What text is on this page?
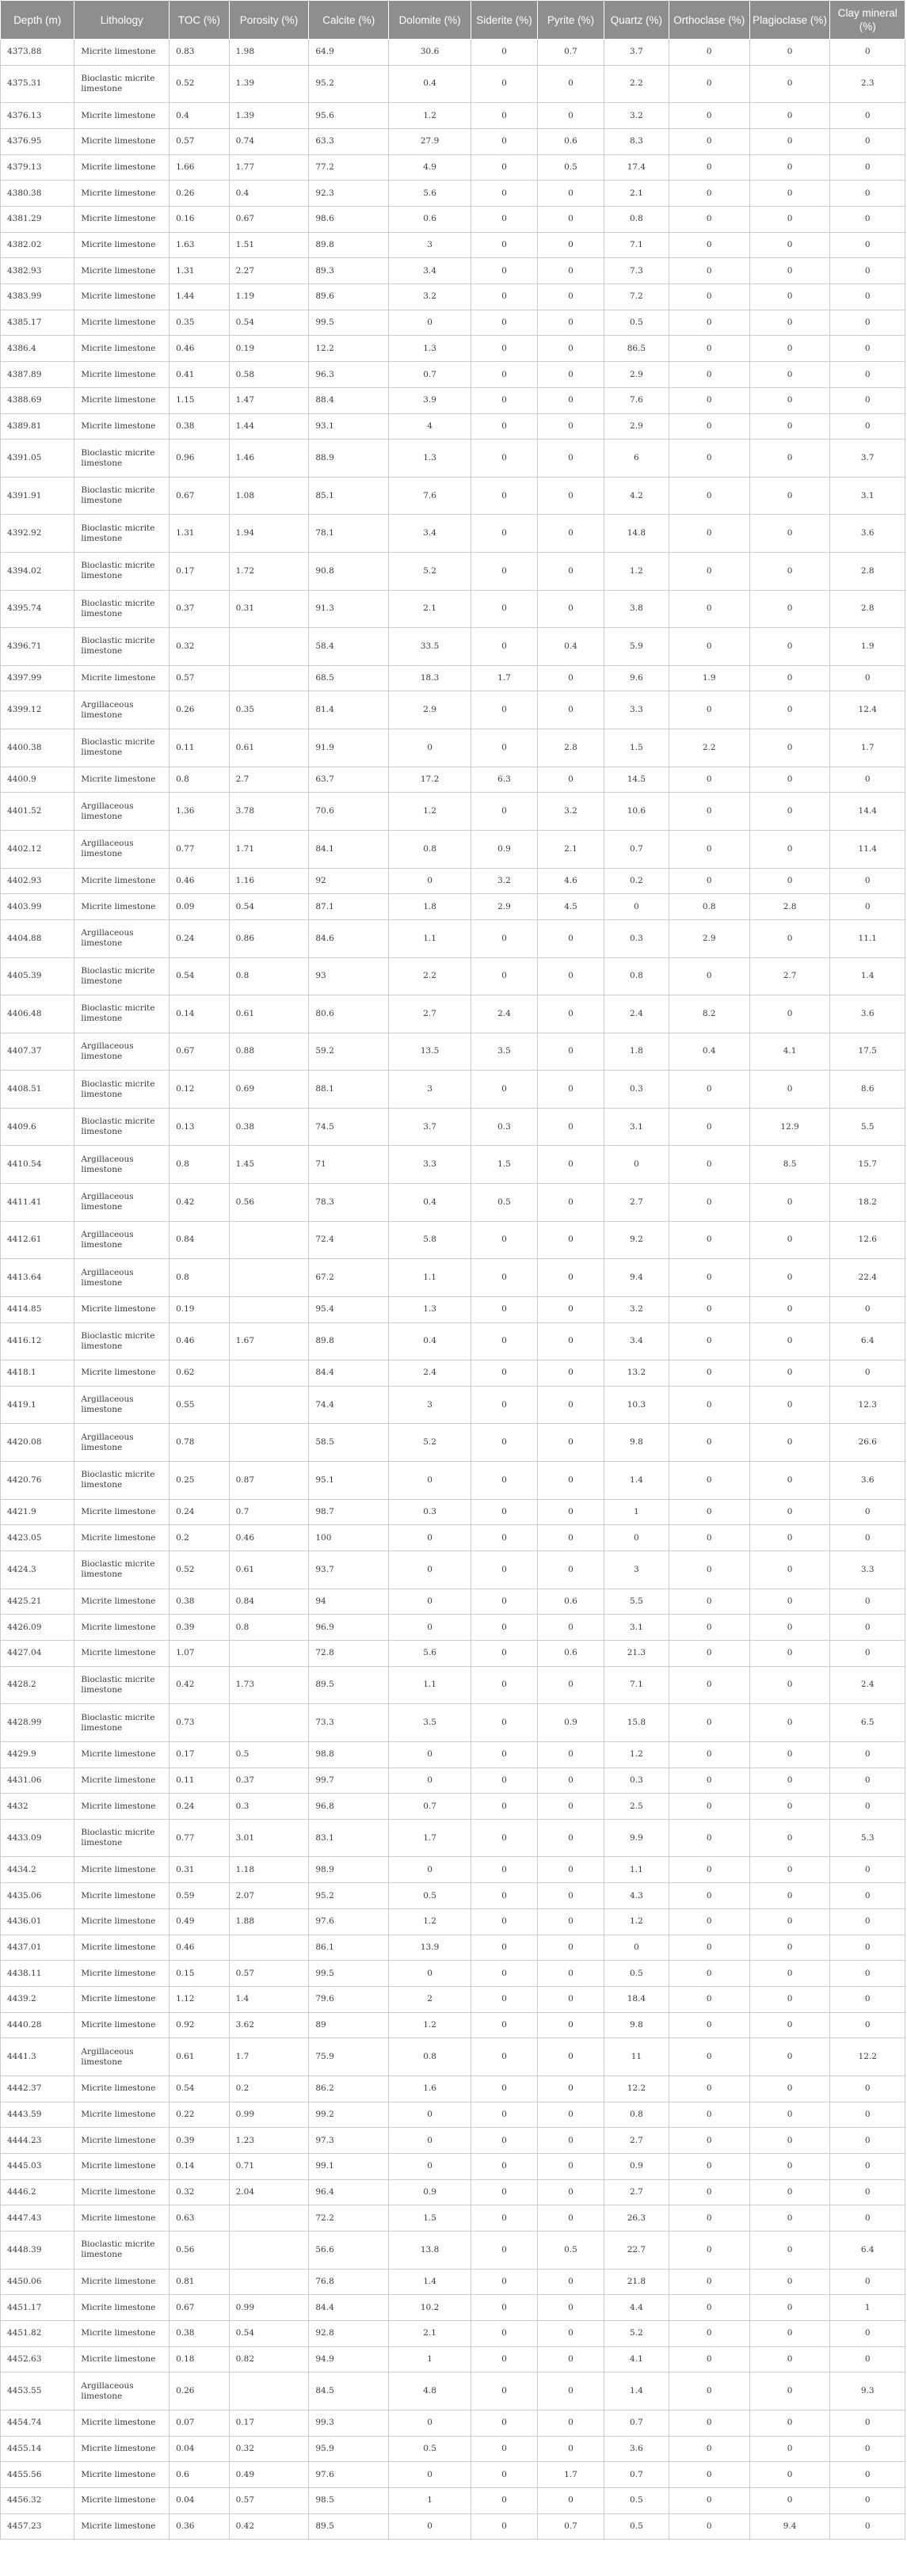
Depth (m)	Lithology	TOC (%)	Porosity (%)	Calcite (%)	Dolomite (%)	Siderite (%)	Pyrite (%)	Quartz (%)	Orthoclase (%)	Plagioclase (%)	Clay mineral (%)
4373.88	Micrite limestone	0.83	1.98	64.9	30.6	0	0.7	3.7	0	0	0
4375.31	Bioclastic micrite limestone	0.52	1.39	95.2	0.4	0	0	2.2	0	0	2.3
4376.13	Micrite limestone	0.4	1.39	95.6	1.2	0	0	3.2	0	0	0
4376.95	Micrite limestone	0.57	0.74	63.3	27.9	0	0.6	8.3	0	0	0
4379.13	Micrite limestone	1.66	1.77	77.2	4.9	0	0.5	17.4	0	0	0
4380.38	Micrite limestone	0.26	0.4	92.3	5.6	0	0	2.1	0	0	0
4381.29	Micrite limestone	0.16	0.67	98.6	0.6	0	0	0.8	0	0	0
4382.02	Micrite limestone	1.63	1.51	89.8	3	0	0	7.1	0	0	0
4382.93	Micrite limestone	1.31	2.27	89.3	3.4	0	0	7.3	0	0	0
4383.99	Micrite limestone	1.44	1.19	89.6	3.2	0	0	7.2	0	0	0
4385.17	Micrite limestone	0.35	0.54	99.5	0	0	0	0.5	0	0	0
4386.4	Micrite limestone	0.46	0.19	12.2	1.3	0	0	86.5	0	0	0
4387.89	Micrite limestone	0.41	0.58	96.3	0.7	0	0	2.9	0	0	0
4388.69	Micrite limestone	1.15	1.47	88.4	3.9	0	0	7.6	0	0	0
4389.81	Micrite limestone	0.38	1.44	93.1	4	0	0	2.9	0	0	0
4391.05	Bioclastic micrite limestone	0.96	1.46	88.9	1.3	0	0	6	0	0	3.7
4391.91	Bioclastic micrite limestone	0.67	1.08	85.1	7.6	0	0	4.2	0	0	3.1
4392.92	Bioclastic micrite limestone	1.31	1.94	78.1	3.4	0	0	14.8	0	0	3.6
4394.02	Bioclastic micrite limestone	0.17	1.72	90.8	5.2	0	0	1.2	0	0	2.8
4395.74	Bioclastic micrite limestone	0.37	0.31	91.3	2.1	0	0	3.8	0	0	2.8
4396.71	Bioclastic micrite limestone	0.32		58.4	33.5	0	0.4	5.9	0	0	1.9
4397.99	Micrite limestone	0.57		68.5	18.3	1.7	0	9.6	1.9	0	0
4399.12	Argillaceous limestone	0.26	0.35	81.4	2.9	0	0	3.3	0	0	12.4
4400.38	Bioclastic micrite limestone	0.11	0.61	91.9	0	0	2.8	1.5	2.2	0	1.7
4400.9	Micrite limestone	0.8	2.7	63.7	17.2	6.3	0	14.5	0	0	0
4401.52	Argillaceous limestone	1.36	3.78	70.6	1.2	0	3.2	10.6	0	0	14.4
4402.12	Argillaceous limestone	0.77	1.71	84.1	0.8	0.9	2.1	0.7	0	0	11.4
4402.93	Micrite limestone	0.46	1.16	92	0	3.2	4.6	0.2	0	0	0
4403.99	Micrite limestone	0.09	0.54	87.1	1.8	2.9	4.5	0	0.8	2.8	0
4404.88	Argillaceous limestone	0.24	0.86	84.6	1.1	0	0	0.3	2.9	0	11.1
4405.39	Bioclastic micrite limestone	0.54	0.8	93	2.2	0	0	0.8	0	2.7	1.4
4406.48	Bioclastic micrite limestone	0.14	0.61	80.6	2.7	2.4	0	2.4	8.2	0	3.6
4407.37	Argillaceous limestone	0.67	0.88	59.2	13.5	3.5	0	1.8	0.4	4.1	17.5
4408.51	Bioclastic micrite limestone	0.12	0.69	88.1	3	0	0	0.3	0	0	8.6
4409.6	Bioclastic micrite limestone	0.13	0.38	74.5	3.7	0.3	0	3.1	0	12.9	5.5
4410.54	Argillaceous limestone	0.8	1.45	71	3.3	1.5	0	0	0	8.5	15.7
4411.41	Argillaceous limestone	0.42	0.56	78.3	0.4	0.5	0	2.7	0	0	18.2
4412.61	Argillaceous limestone	0.84		72.4	5.8	0	0	9.2	0	0	12.6
4413.64	Argillaceous limestone	0.8		67.2	1.1	0	0	9.4	0	0	22.4
4414.85	Micrite limestone	0.19		95.4	1.3	0	0	3.2	0	0	0
4416.12	Bioclastic micrite limestone	0.46	1.67	89.8	0.4	0	0	3.4	0	0	6.4
4418.1	Micrite limestone	0.62		84.4	2.4	0	0	13.2	0	0	0
4419.1	Argillaceous limestone	0.55		74.4	3	0	0	10.3	0	0	12.3
4420.08	Argillaceous limestone	0.78		58.5	5.2	0	0	9.8	0	0	26.6
4420.76	Bioclastic micrite limestone	0.25	0.87	95.1	0	0	0	1.4	0	0	3.6
4421.9	Micrite limestone	0.24	0.7	98.7	0.3	0	0	1	0	0	0
4423.05	Micrite limestone	0.2	0.46	100	0	0	0	0	0	0	0
4424.3	Bioclastic micrite limestone	0.52	0.61	93.7	0	0	0	3	0	0	3.3
4425.21	Micrite limestone	0.38	0.84	94	0	0	0.6	5.5	0	0	0
4426.09	Micrite limestone	0.39	0.8	96.9	0	0	0	3.1	0	0	0
4427.04	Micrite limestone	1.07		72.8	5.6	0	0.6	21.3	0	0	0
4428.2	Bioclastic micrite limestone	0.42	1.73	89.5	1.1	0	0	7.1	0	0	2.4
4428.99	Bioclastic micrite limestone	0.73		73.3	3.5	0	0.9	15.8	0	0	6.5
4429.9	Micrite limestone	0.17	0.5	98.8	0	0	0	1.2	0	0	0
4431.06	Micrite limestone	0.11	0.37	99.7	0	0	0	0.3	0	0	0
4432	Micrite limestone	0.24	0.3	96.8	0.7	0	0	2.5	0	0	0
4433.09	Bioclastic micrite limestone	0.77	3.01	83.1	1.7	0	0	9.9	0	0	5.3
4434.2	Micrite limestone	0.31	1.18	98.9	0	0	0	1.1	0	0	0
4435.06	Micrite limestone	0.59	2.07	95.2	0.5	0	0	4.3	0	0	0
4436.01	Micrite limestone	0.49	1.88	97.6	1.2	0	0	1.2	0	0	0
4437.01	Micrite limestone	0.46		86.1	13.9	0	0	0	0	0	0
4438.11	Micrite limestone	0.15	0.57	99.5	0	0	0	0.5	0	0	0
4439.2	Micrite limestone	1.12	1.4	79.6	2	0	0	18.4	0	0	0
4440.28	Micrite limestone	0.92	3.62	89	1.2	0	0	9.8	0	0	0
4441.3	Argillaceous limestone	0.61	1.7	75.9	0.8	0	0	11	0	0	12.2
4442.37	Micrite limestone	0.54	0.2	86.2	1.6	0	0	12.2	0	0	0
4443.59	Micrite limestone	0.22	0.99	99.2	0	0	0	0.8	0	0	0
4444.23	Micrite limestone	0.39	1.23	97.3	0	0	0	2.7	0	0	0
4445.03	Micrite limestone	0.14	0.71	99.1	0	0	0	0.9	0	0	0
4446.2	Micrite limestone	0.32	2.04	96.4	0.9	0	0	2.7	0	0	0
4447.43	Micrite limestone	0.63		72.2	1.5	0	0	26.3	0	0	0
4448.39	Bioclastic micrite limestone	0.56		56.6	13.8	0	0.5	22.7	0	0	6.4
4450.06	Micrite limestone	0.81		76.8	1.4	0	0	21.8	0	0	0
4451.17	Micrite limestone	0.67	0.99	84.4	10.2	0	0	4.4	0	0	1
4451.82	Micrite limestone	0.38	0.54	92.8	2.1	0	0	5.2	0	0	0
4452.63	Micrite limestone	0.18	0.82	94.9	1	0	0	4.1	0	0	0
4453.55	Argillaceous limestone	0.26		84.5	4.8	0	0	1.4	0	0	9.3
4454.74	Micrite limestone	0.07	0.17	99.3	0	0	0	0.7	0	0	0
4455.14	Micrite limestone	0.04	0.32	95.9	0.5	0	0	3.6	0	0	0
4455.56	Micrite limestone	0.6	0.49	97.6	0	0	1.7	0.7	0	0	0
4456.32	Micrite limestone	0.04	0.57	98.5	1	0	0	0.5	0	0	0
4457.23	Micrite limestone	0.36	0.42	89.5	0	0	0.7	0.5	0	9.4	0
